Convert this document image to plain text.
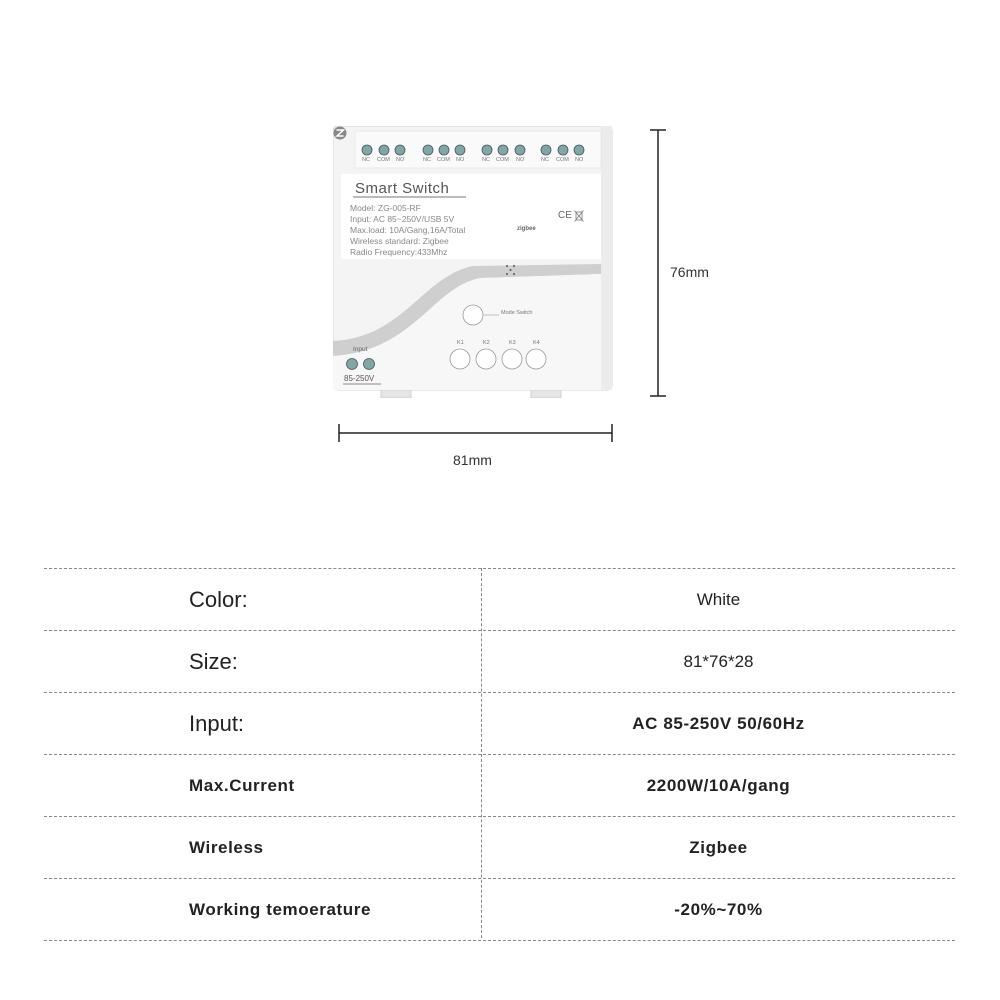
Smart Switch
Model: ZG-005-RF
Input: AC 85~250V/USB 5V
Max.load: 10A/Gang,16A/Total
Wireless standard: Zigbee
Radio Frequency:433Mhz
NC COM NO	NC COM NO	NC COM NO	NC COM NO
zigbee
CE
Mode Switch
K1	K2	K3	K4
Input
85-250V
81mm
76mm
Color:	White
Size:	81*76*28
Input:	AC 85-250V 50/60Hz
Max.Current	2200W/10A/gang
Wireless	Zigbee
Working temoerature	-20%~70%
